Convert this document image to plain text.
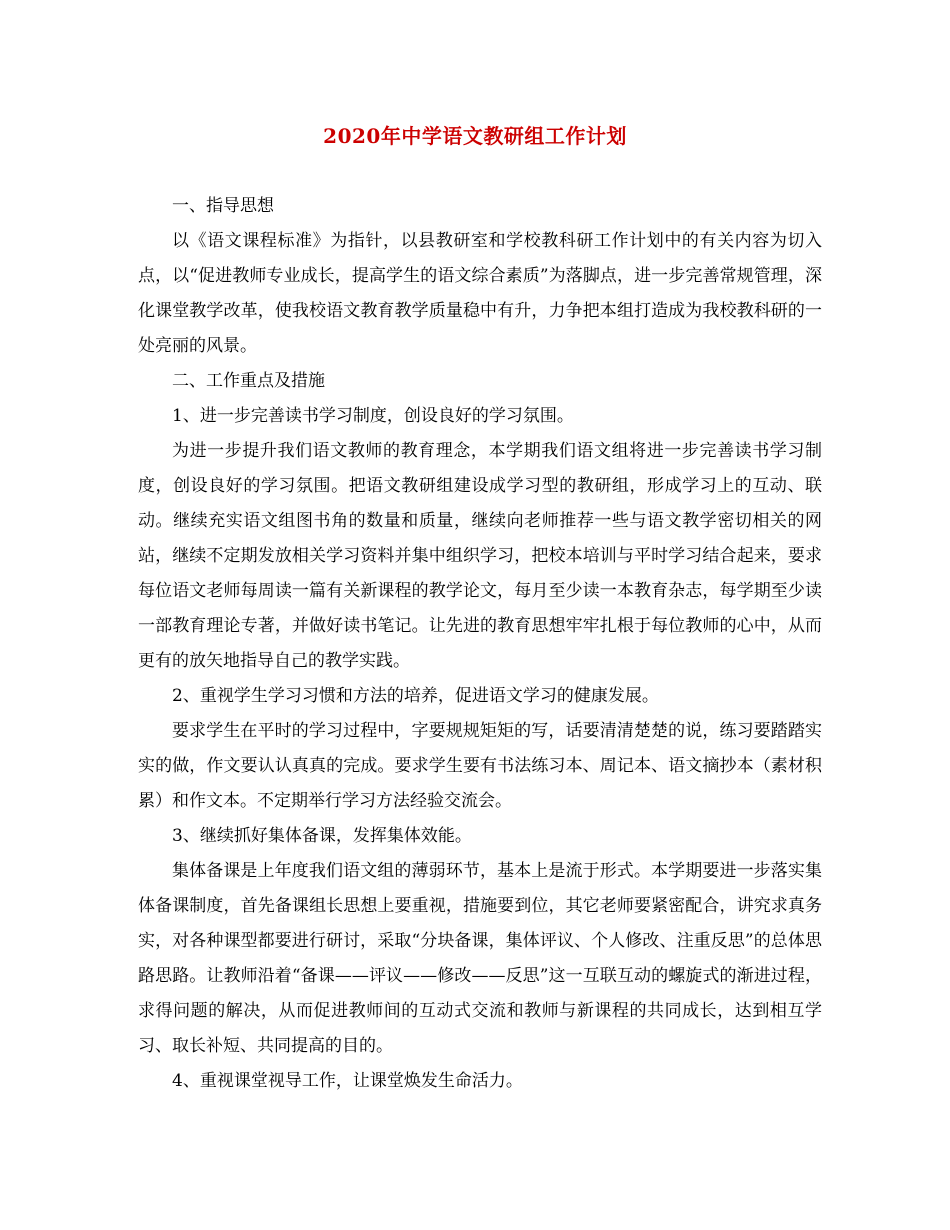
2020年中学语文教研组工作计划

一、指导思想

以《语文课程标准》为指针，以县教研室和学校教科研工作计划中的有关内容为切入点，以“促进教师专业成长，提高学生的语文综合素质”为落脚点，进一步完善常规管理，深化课堂教学改革，使我校语文教育教学质量稳中有升，力争把本组打造成为我校教科研的一处亮丽的风景。

二、工作重点及措施

1、进一步完善读书学习制度，创设良好的学习氛围。

为进一步提升我们语文教师的教育理念，本学期我们语文组将进一步完善读书学习制度，创设良好的学习氛围。把语文教研组建设成学习型的教研组，形成学习上的互动、联动。继续充实语文组图书角的数量和质量，继续向老师推荐一些与语文教学密切相关的网站，继续不定期发放相关学习资料并集中组织学习，把校本培训与平时学习结合起来，要求每位语文老师每周读一篇有关新课程的教学论文，每月至少读一本教育杂志，每学期至少读一部教育理论专著，并做好读书笔记。让先进的教育思想牢牢扎根于每位教师的心中，从而更有的放矢地指导自己的教学实践。

2、重视学生学习习惯和方法的培养，促进语文学习的健康发展。

要求学生在平时的学习过程中，字要规规矩矩的写，话要清清楚楚的说，练习要踏踏实实的做，作文要认认真真的完成。要求学生要有书法练习本、周记本、语文摘抄本（素材积累）和作文本。不定期举行学习方法经验交流会。

3、继续抓好集体备课，发挥集体效能。

集体备课是上年度我们语文组的薄弱环节，基本上是流于形式。本学期要进一步落实集体备课制度，首先备课组长思想上要重视，措施要到位，其它老师要紧密配合，讲究求真务实，对各种课型都要进行研讨，采取“分块备课，集体评议、个人修改、注重反思”的总体思路思路。让教师沿着“备课——评议——修改——反思”这一互联互动的螺旋式的渐进过程，求得问题的解决，从而促进教师间的互动式交流和教师与新课程的共同成长，达到相互学习、取长补短、共同提高的目的。

4、重视课堂视导工作，让课堂焕发生命活力。
